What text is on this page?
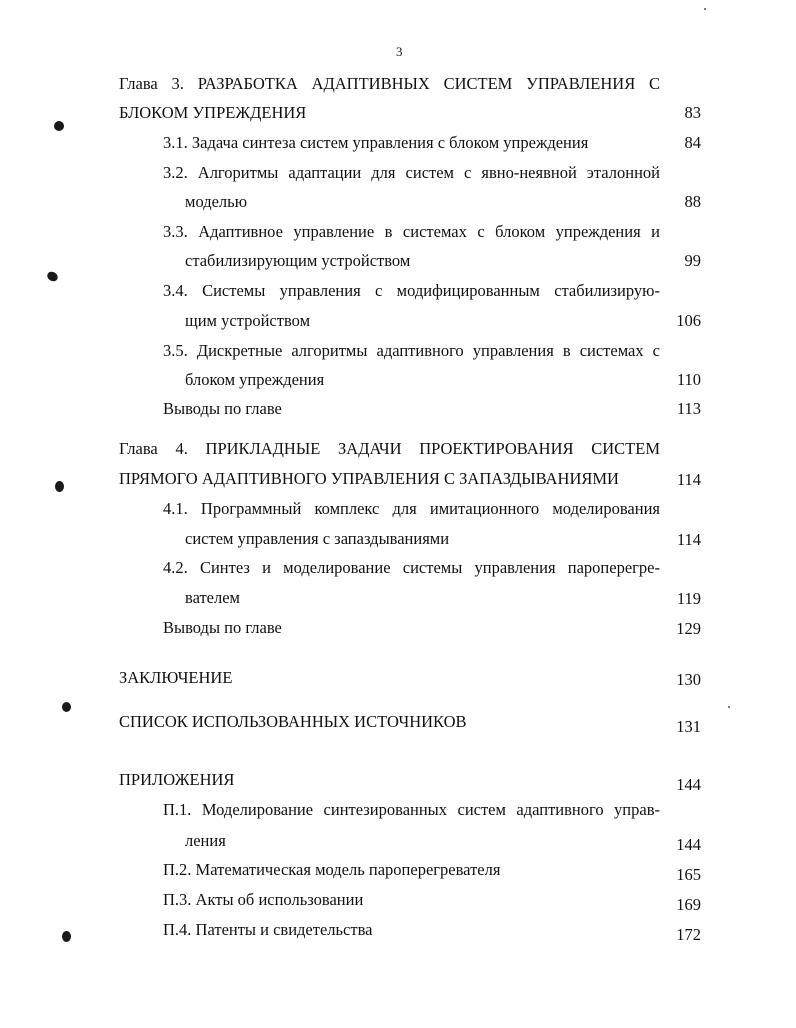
3
Глава 3. РАЗРАБОТКА АДАПТИВНЫХ СИСТЕМ УПРАВЛЕНИЯ С
БЛОКОМ УПРЕЖДЕНИЯ	83
3.1. Задача синтеза систем управления с блоком упреждения	84
3.2. Алгоритмы адаптации для систем с явно-неявной эталонной
моделью	88
3.3. Адаптивное управление в системах с блоком упреждения и
стабилизирующим устройством	99
3.4. Системы управления с модифицированным стабилизирую-
щим устройством	106
3.5. Дискретные алгоритмы адаптивного управления в системах с
блоком упреждения	110
Выводы по главе	113
Глава 4. ПРИКЛАДНЫЕ ЗАДАЧИ ПРОЕКТИРОВАНИЯ СИСТЕМ
ПРЯМОГО АДАПТИВНОГО УПРАВЛЕНИЯ С ЗАПАЗДЫВАНИЯМИ	114
4.1. Программный комплекс для имитационного моделирования
систем управления с запаздываниями	114
4.2. Синтез и моделирование системы управления пароперегре-
вателем	119
Выводы по главе	129
ЗАКЛЮЧЕНИЕ	130
СПИСОК ИСПОЛЬЗОВАННЫХ ИСТОЧНИКОВ	131
ПРИЛОЖЕНИЯ	144
П.1. Моделирование синтезированных систем адаптивного управ-
ления	144
П.2. Математическая модель пароперегревателя	165
П.3. Акты об использовании	169
П.4. Патенты и свидетельства	172
